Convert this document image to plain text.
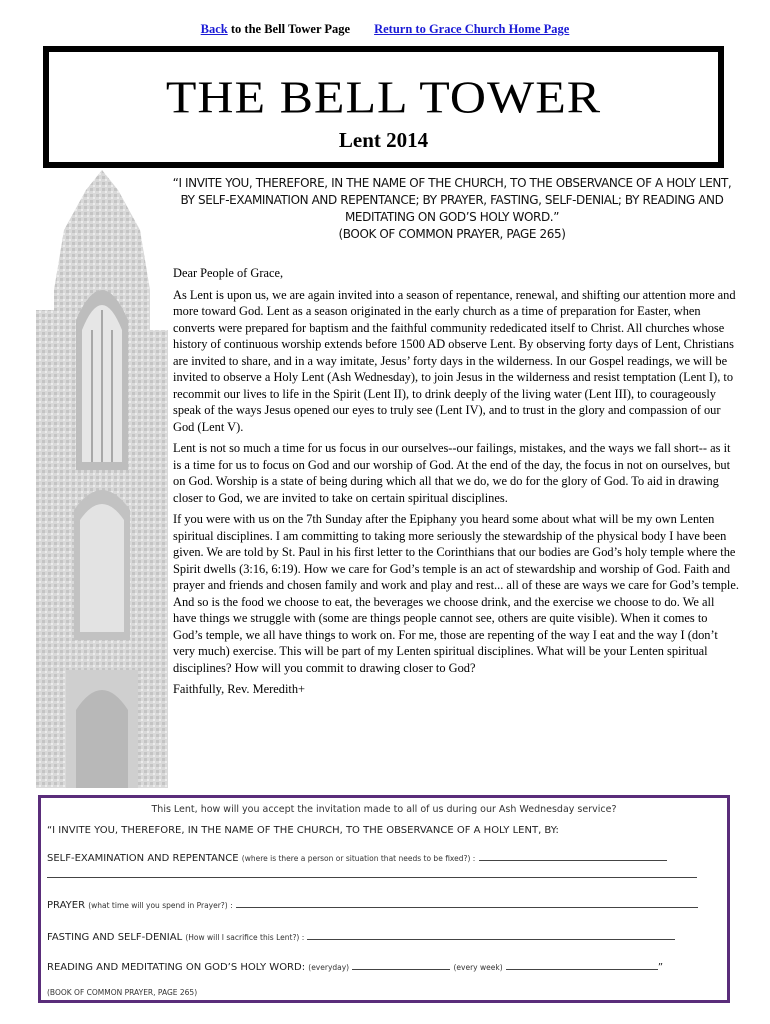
Back to the Bell Tower Page Return to Grace Church Home Page
THE BELL TOWER
Lent 2014
“I INVITE YOU, THEREFORE, IN THE NAME OF THE CHURCH, TO THE OBSERVANCE OF A HOLY LENT, BY SELF-EXAMINATION AND REPENTANCE; BY PRAYER, FASTING, SELF-DENIAL; BY READING AND MEDITATING ON GOD’S HOLY WORD.”
(BOOK OF COMMON PRAYER, PAGE 265)

Dear People of Grace,

As Lent is upon us, we are again invited into a season of repentance, renewal, and shifting our attention more and more toward God. Lent as a season originated in the early church as a time of preparation for Easter, when converts were prepared for baptism and the faithful community rededicated itself to Christ. All churches whose history of continuous worship extends before 1500 AD observe Lent. By observing forty days of Lent, Christians are invited to share, and in a way imitate, Jesus’ forty days in the wilderness. In our Gospel readings, we will be invited to observe a Holy Lent (Ash Wednesday), to join Jesus in the wilderness and resist temptation (Lent I), to recommit our lives to life in the Spirit (Lent II), to drink deeply of the living water (Lent III), to courageously speak of the ways Jesus opened our eyes to truly see (Lent IV), and to trust in the glory and compassion of our God (Lent V).

Lent is not so much a time for us focus in our ourselves--our failings, mistakes, and the ways we fall short-- as it is a time for us to focus on God and our worship of God. At the end of the day, the focus in not on ourselves, but on God. Worship is a state of being during which all that we do, we do for the glory of God. To aid in drawing closer to God, we are invited to take on certain spiritual disciplines.

If you were with us on the 7th Sunday after the Epiphany you heard some about what will be my own Lenten spiritual disciplines. I am committing to taking more seriously the stewardship of the physical body I have been given. We are told by St. Paul in his first letter to the Corinthians that our bodies are God’s holy temple where the Spirit dwells (3:16, 6:19). How we care for God’s temple is an act of stewardship and worship of God. Faith and prayer and friends and chosen family and work and play and rest... all of these are ways we care for God’s temple. And so is the food we choose to eat, the beverages we choose drink, and the exercise we choose to do. We all have things we struggle with (some are things people cannot see, others are quite visible). When it comes to God’s temple, we all have things to work on. For me, those are repenting of the way I eat and the way I (don’t very much) exercise. This will be part of my Lenten spiritual disciplines. What will be your Lenten spiritual disciplines? How will you commit to drawing closer to God?

Faithfully, Rev. Meredith+

This Lent, how will you accept the invitation made to all of us during our Ash Wednesday service?
“I INVITE YOU, THEREFORE, IN THE NAME OF THE CHURCH, TO THE OBSERVANCE OF A HOLY LENT, BY:
SELF-EXAMINATION AND REPENTANCE (where is there a person or situation that needs to be fixed?) :
PRAYER (what time will you spend in Prayer?) :
FASTING AND SELF-DENIAL (How will I sacrifice this Lent?) :
READING AND MEDITATING ON GOD’S HOLY WORD: (everyday)	(every week)	”
(BOOK OF COMMON PRAYER, PAGE 265)
